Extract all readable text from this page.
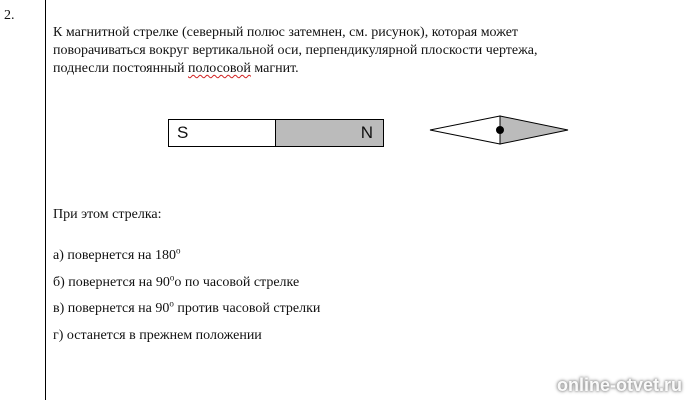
2.
К магнитной стрелке (северный полюс затемнен, см. рисунок), которая может
поворачиваться вокруг вертикальной оси, перпендикулярной плоскости чертежа,
поднесли постоянный полосовой магнит.
S	N
При этом стрелка:
а) повернется на 180$^o$
б) повернется на 90$^o$о по часовой стрелке
в) повернется на 90$^o$ против часовой стрелки
г) останется в прежнем положении
online-otvet.ru
